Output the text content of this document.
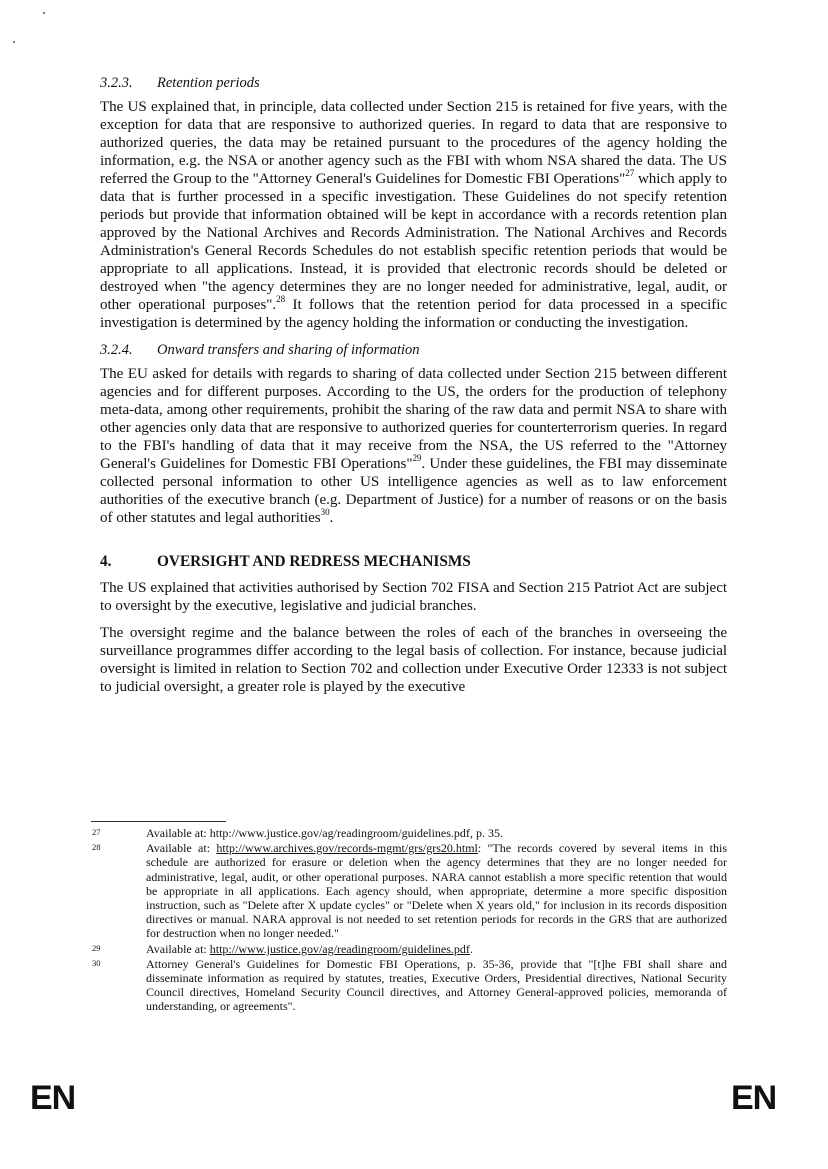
3.2.3. Retention periods

The US explained that, in principle, data collected under Section 215 is retained for five years, with the exception for data that are responsive to authorized queries. In regard to data that are responsive to authorized queries, the data may be retained pursuant to the procedures of the agency holding the information, e.g. the NSA or another agency such as the FBI with whom NSA shared the data. The US referred the Group to the "Attorney General's Guidelines for Domestic FBI Operations"$^{27}$ which apply to data that is further processed in a specific investigation. These Guidelines do not specify retention periods but provide that information obtained will be kept in accordance with a records retention plan approved by the National Archives and Records Administration. The National Archives and Records Administration's General Records Schedules do not establish specific retention periods that would be appropriate to all applications. Instead, it is provided that electronic records should be deleted or destroyed when "the agency determines they are no longer needed for administrative, legal, audit, or other operational purposes".$^{28}$ It follows that the retention period for data processed in a specific investigation is determined by the agency holding the information or conducting the investigation.

3.2.4. Onward transfers and sharing of information

The EU asked for details with regards to sharing of data collected under Section 215 between different agencies and for different purposes. According to the US, the orders for the production of telephony meta-data, among other requirements, prohibit the sharing of the raw data and permit NSA to share with other agencies only data that are responsive to authorized queries for counterterrorism queries. In regard to the FBI's handling of data that it may receive from the NSA, the US referred to the "Attorney General's Guidelines for Domestic FBI Operations"$^{29}$. Under these guidelines, the FBI may disseminate collected personal information to other US intelligence agencies as well as to law enforcement authorities of the executive branch (e.g. Department of Justice) for a number of reasons or on the basis of other statutes and legal authorities$^{30}$.

4.	OVERSIGHT AND REDRESS MECHANISMS

The US explained that activities authorised by Section 702 FISA and Section 215 Patriot Act are subject to oversight by the executive, legislative and judicial branches.

The oversight regime and the balance between the roles of each of the branches in overseeing the surveillance programmes differ according to the legal basis of collection. For instance, because judicial oversight is limited in relation to Section 702 and collection under Executive Order 12333 is not subject to judicial oversight, a greater role is played by the executive

27	Available at: http://www.justice.gov/ag/readingroom/guidelines.pdf, p. 35.
28	Available at: http://www.archives.gov/records-mgmt/grs/grs20.html: "The records covered by several items in this schedule are authorized for erasure or deletion when the agency determines that they are no longer needed for administrative, legal, audit, or other operational purposes. NARA cannot establish a more specific retention that would be appropriate in all applications. Each agency should, when appropriate, determine a more specific disposition instruction, such as "Delete after X update cycles" or "Delete when X years old," for inclusion in its records disposition directives or manual. NARA approval is not needed to set retention periods for records in the GRS that are authorized for destruction when no longer needed."
29	Available at: http://www.justice.gov/ag/readingroom/guidelines.pdf.
30	Attorney General's Guidelines for Domestic FBI Operations, p. 35-36, provide that "[t]he FBI shall share and disseminate information as required by statutes, treaties, Executive Orders, Presidential directives, National Security Council directives, Homeland Security Council directives, and Attorney General-approved policies, memoranda of understanding, or agreements".
EN	EN
